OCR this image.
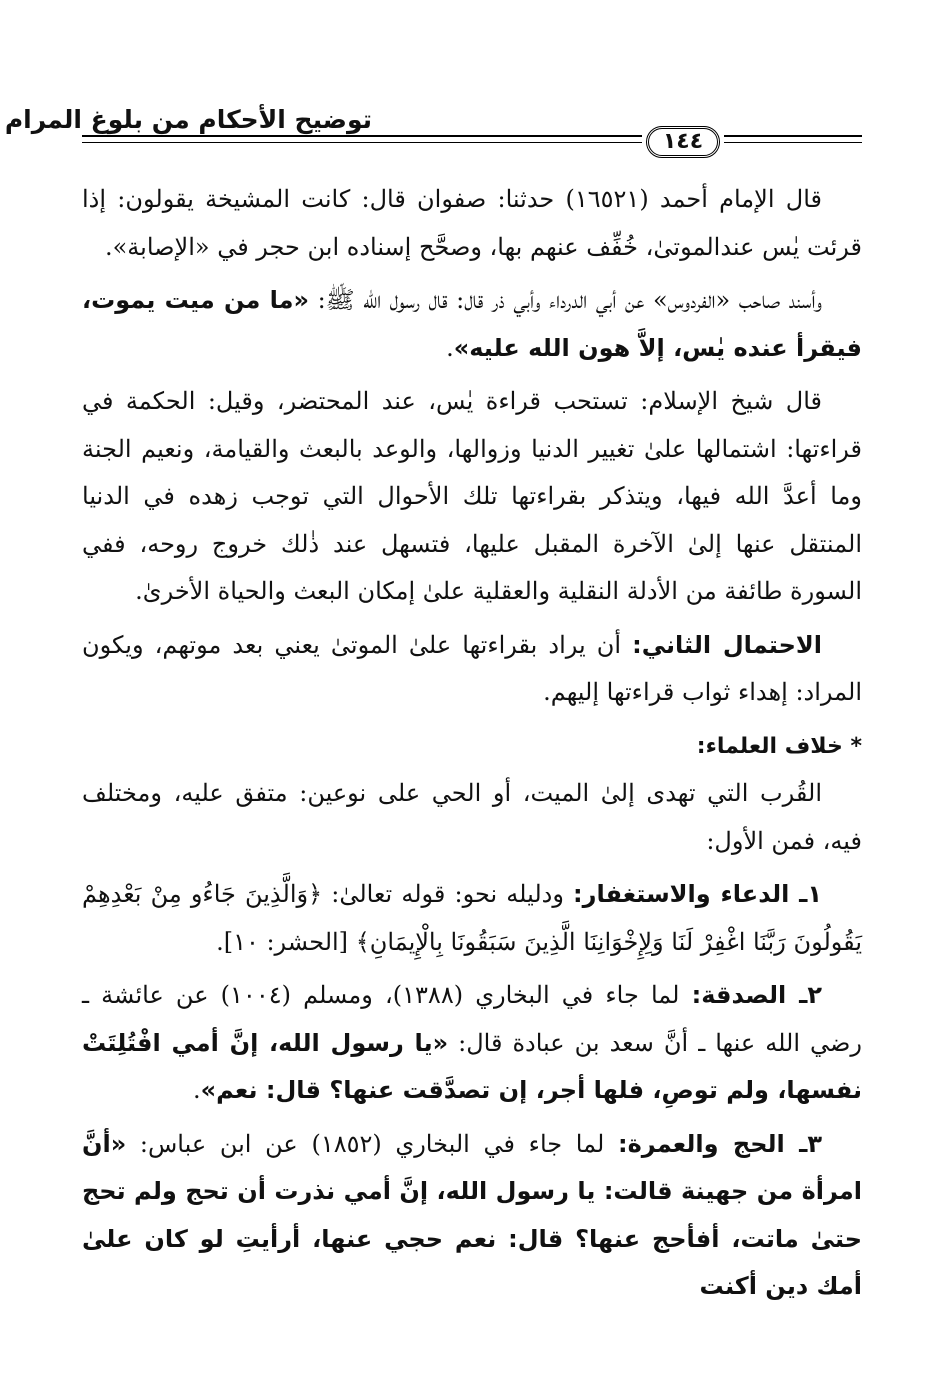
توضيح الأحكام من بلوغ المرام
١٤٤

قال الإمام أحمد (١٦٥٢١) حدثنا: صفوان قال: كانت المشيخة يقولون: إذا قرئت يٰس عندالموتىٰ، خُفِّف عنهم بها، وصحَّح إسناده ابن حجر في «الإصابة».

وأسند صاحب «الفردوس» عن أبي الدرداء وأبي ذر قال: قال رسول الله ﷺ: «ما من ميت يموت، فيقرأ عنده يٰس، إلاَّ هون الله عليه».

قال شيخ الإسلام: تستحب قراءة يٰس، عند المحتضر، وقيل: الحكمة في قراءتها: اشتمالها علىٰ تغيير الدنيا وزوالها، والوعد بالبعث والقيامة، ونعيم الجنة وما أعدَّ الله فيها، ويتذكر بقراءتها تلك الأحوال التي توجب زهده في الدنيا المنتقل عنها إلىٰ الآخرة المقبل عليها، فتسهل عند ذٰلك خروج روحه، ففي السورة طائفة من الأدلة النقلية والعقلية علىٰ إمكان البعث والحياة الأخرىٰ.

الاحتمال الثاني: أن يراد بقراءتها علىٰ الموتىٰ يعني بعد موتهم، ويكون المراد: إهداء ثواب قراءتها إليهم.

* خلاف العلماء:

القُرب التي تهدى إلىٰ الميت، أو الحي على نوعين: متفق عليه، ومختلف فيه، فمن الأول:

١ـ الدعاء والاستغفار: ودليله نحو: قوله تعالىٰ: ﴿وَالَّذِينَ جَاءُو مِنْ بَعْدِهِمْ يَقُولُونَ رَبَّنَا اغْفِرْ لَنَا وَلِإِخْوَانِنَا الَّذِينَ سَبَقُونَا بِالْإِيمَانِ﴾ [الحشر: ١٠].

٢ـ الصدقة: لما جاء في البخاري (١٣٨٨)، ومسلم (١٠٠٤) عن عائشة ـ رضي الله عنها ـ أنَّ سعد بن عبادة قال: «يا رسول الله، إنَّ أمي افْتُلِتَتْ نفسها، ولم توصِ، فلها أجر، إن تصدَّقت عنها؟ قال: نعم».

٣ـ الحج والعمرة: لما جاء في البخاري (١٨٥٢) عن ابن عباس: «أنَّ امرأة من جهينة قالت: يا رسول الله، إنَّ أمي نذرت أن تحج ولم تحج حتىٰ ماتت، أفأحج عنها؟ قال: نعم حجي عنها، أرأيتِ لو كان علىٰ أمك دين أكنت
